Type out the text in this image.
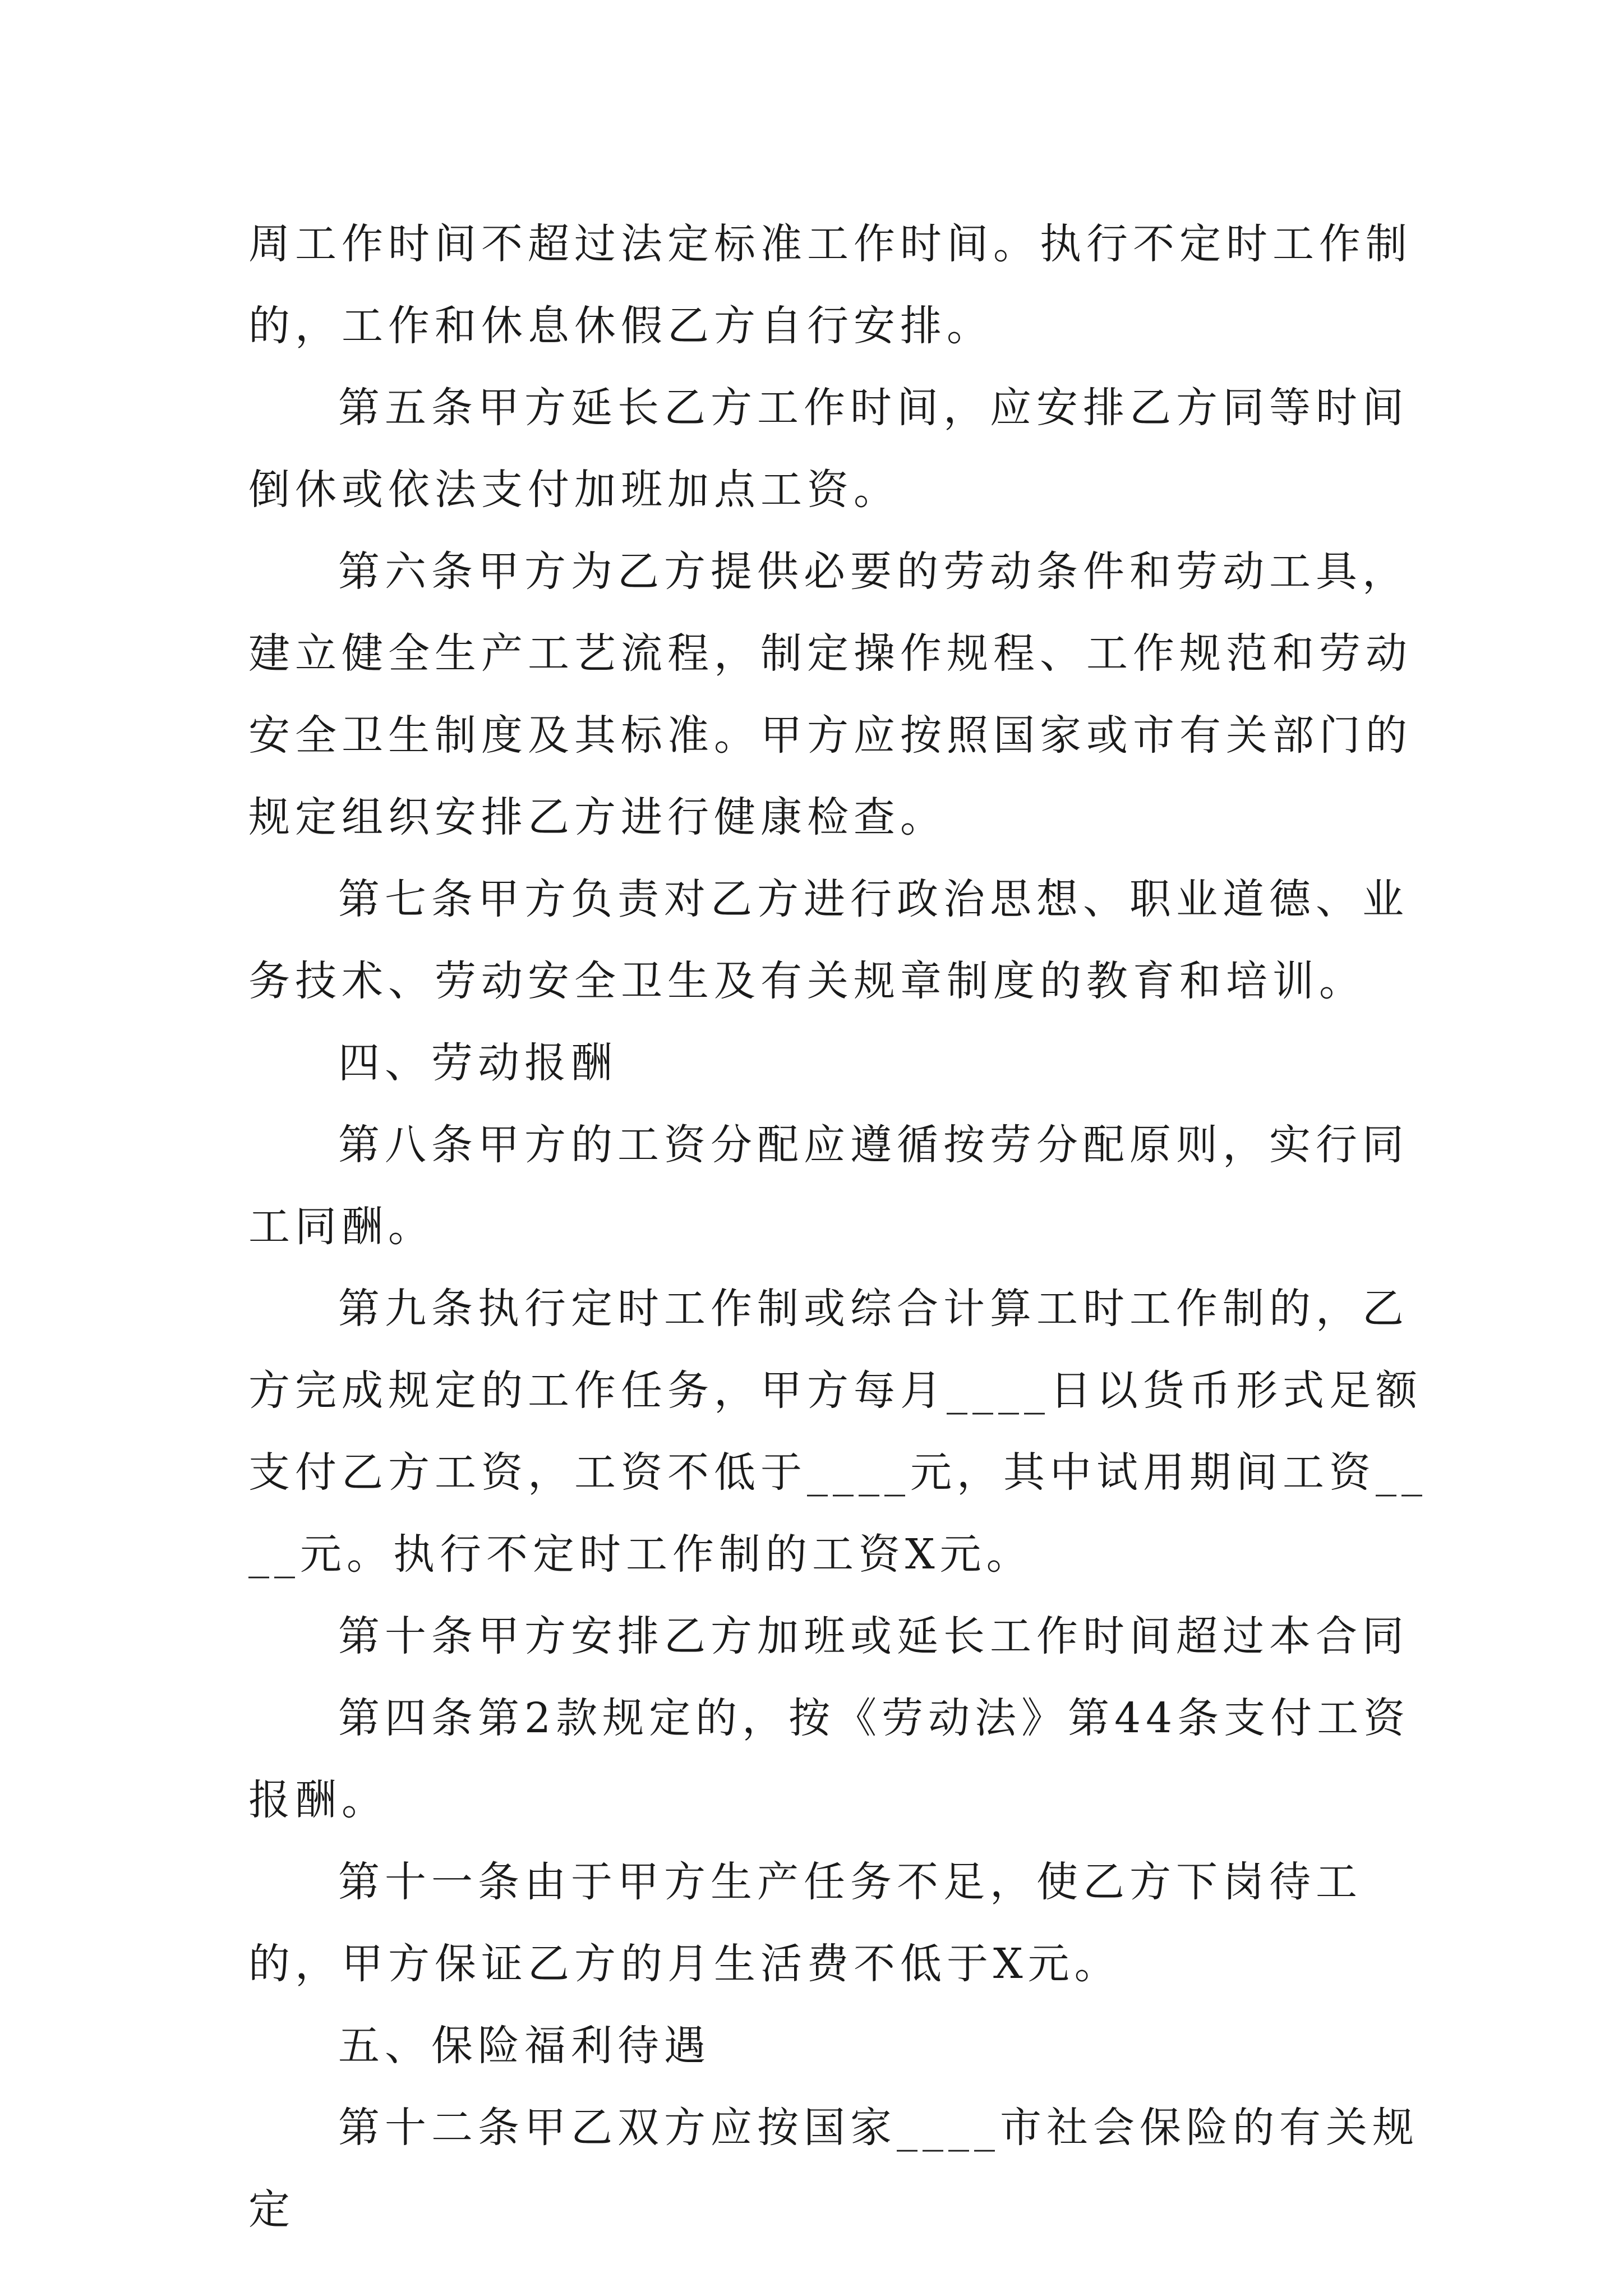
周工作时间不超过法定标准工作时间。执行不定时工作制的，工作和休息休假乙方自行安排。

第五条甲方延长乙方工作时间，应安排乙方同等时间倒休或依法支付加班加点工资。

第六条甲方为乙方提供必要的劳动条件和劳动工具，建立健全生产工艺流程，制定操作规程、工作规范和劳动安全卫生制度及其标准。甲方应按照国家或市有关部门的规定组织安排乙方进行健康检查。

第七条甲方负责对乙方进行政治思想、职业道德、业务技术、劳动安全卫生及有关规章制度的教育和培训。

四、劳动报酬

第八条甲方的工资分配应遵循按劳分配原则，实行同工同酬。

第九条执行定时工作制或综合计算工时工作制的，乙方完成规定的工作任务，甲方每月____日以货币形式足额支付乙方工资，工资不低于____元，其中试用期间工资____元。执行不定时工作制的工资X元。

第十条甲方安排乙方加班或延长工作时间超过本合同

第四条第2款规定的，按《劳动法》第44条支付工资报酬。

第十一条由于甲方生产任务不足，使乙方下岗待工的，甲方保证乙方的月生活费不低于X元。

五、保险福利待遇

第十二条甲乙双方应按国家____市社会保险的有关规定
